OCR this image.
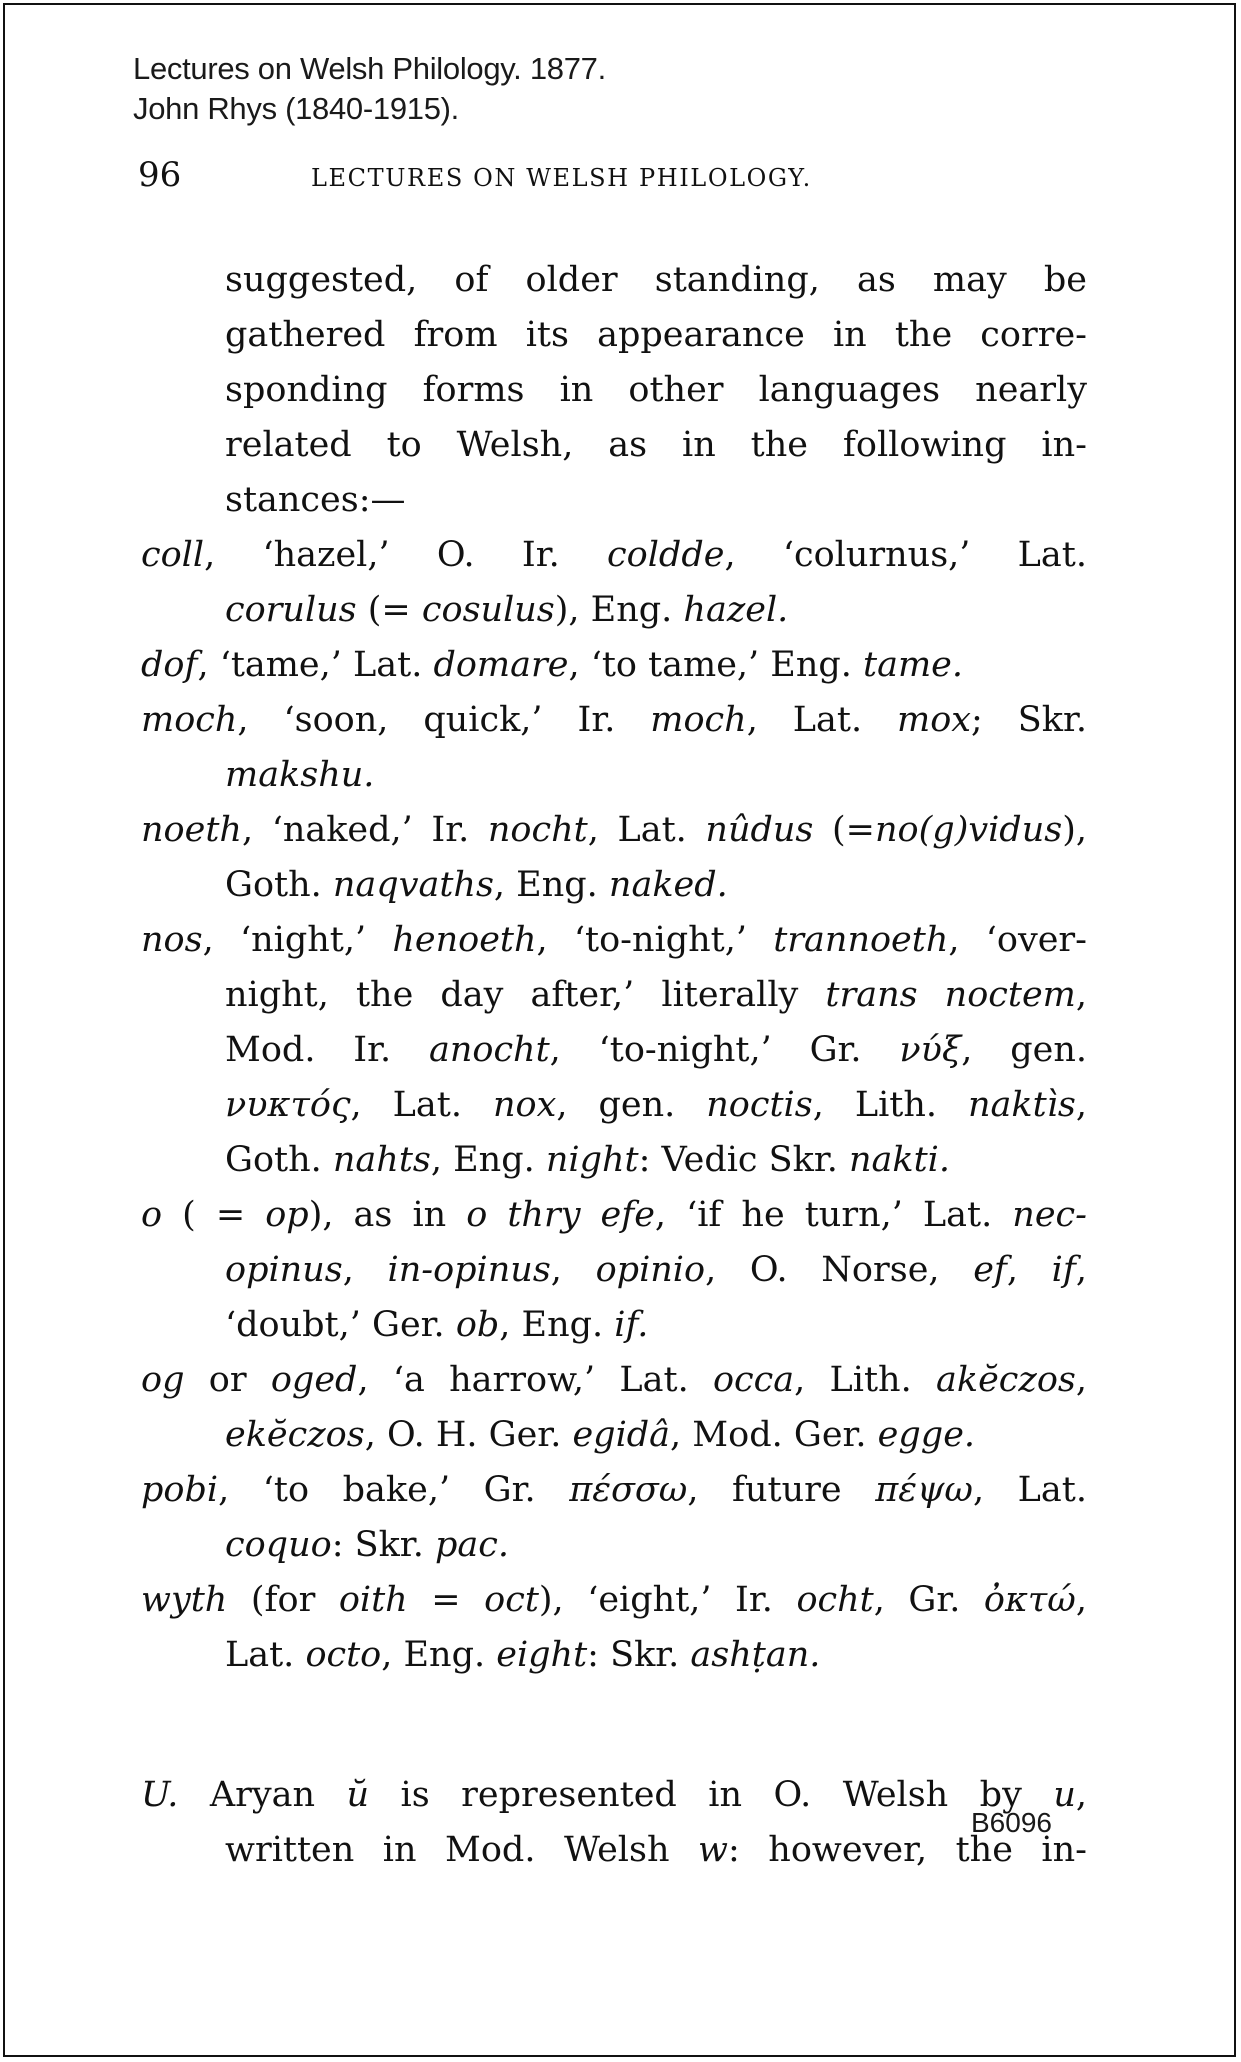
Lectures on Welsh Philology. 1877.
John Rhys (1840-1915).
96	LECTURES ON WELSH PHILOLOGY.
suggested, of older standing, as may be
gathered from its appearance in the corre-
sponding forms in other languages nearly
related to Welsh, as in the following in-
stances:—
coll, ‘hazel,’ O. Ir. coldde, ‘colurnus,’ Lat.
corulus (= cosulus), Eng. hazel.
dof, ‘tame,’ Lat. domare, ‘to tame,’ Eng. tame.
moch, ‘soon, quick,’ Ir. moch, Lat. mox; Skr.
makshu.
noeth, ‘naked,’ Ir. nocht, Lat. nûdus (=no(g)vidus),
Goth. naqvaths, Eng. naked.
nos, ‘night,’ henoeth, ‘to-night,’ trannoeth, ‘over-
night, the day after,’ literally trans noctem,
Mod. Ir. anocht, ‘to-night,’ Gr. νύξ, gen.
νυκτός, Lat. nox, gen. noctis, Lith. naktìs,
Goth. nahts, Eng. night: Vedic Skr. nakti.
o ( = op), as in o thry efe, ‘if he turn,’ Lat. nec-
opinus, in-opinus, opinio, O. Norse, ef, if,
‘doubt,’ Ger. ob, Eng. if.
og or oged, ‘a harrow,’ Lat. occa, Lith. akĕczos,
ekĕczos, O. H. Ger. egidâ, Mod. Ger. egge.
pobi, ‘to bake,’ Gr. πέσσω, future πέψω, Lat.
coquo: Skr. pac.
wyth (for oith = oct), ‘eight,’ Ir. ocht, Gr. ὀκτώ,
Lat. octo, Eng. eight: Skr. ashṭan.
U. Aryan ŭ is represented in O. Welsh by u,
written in Mod. Welsh w: however, the in-
B6096
